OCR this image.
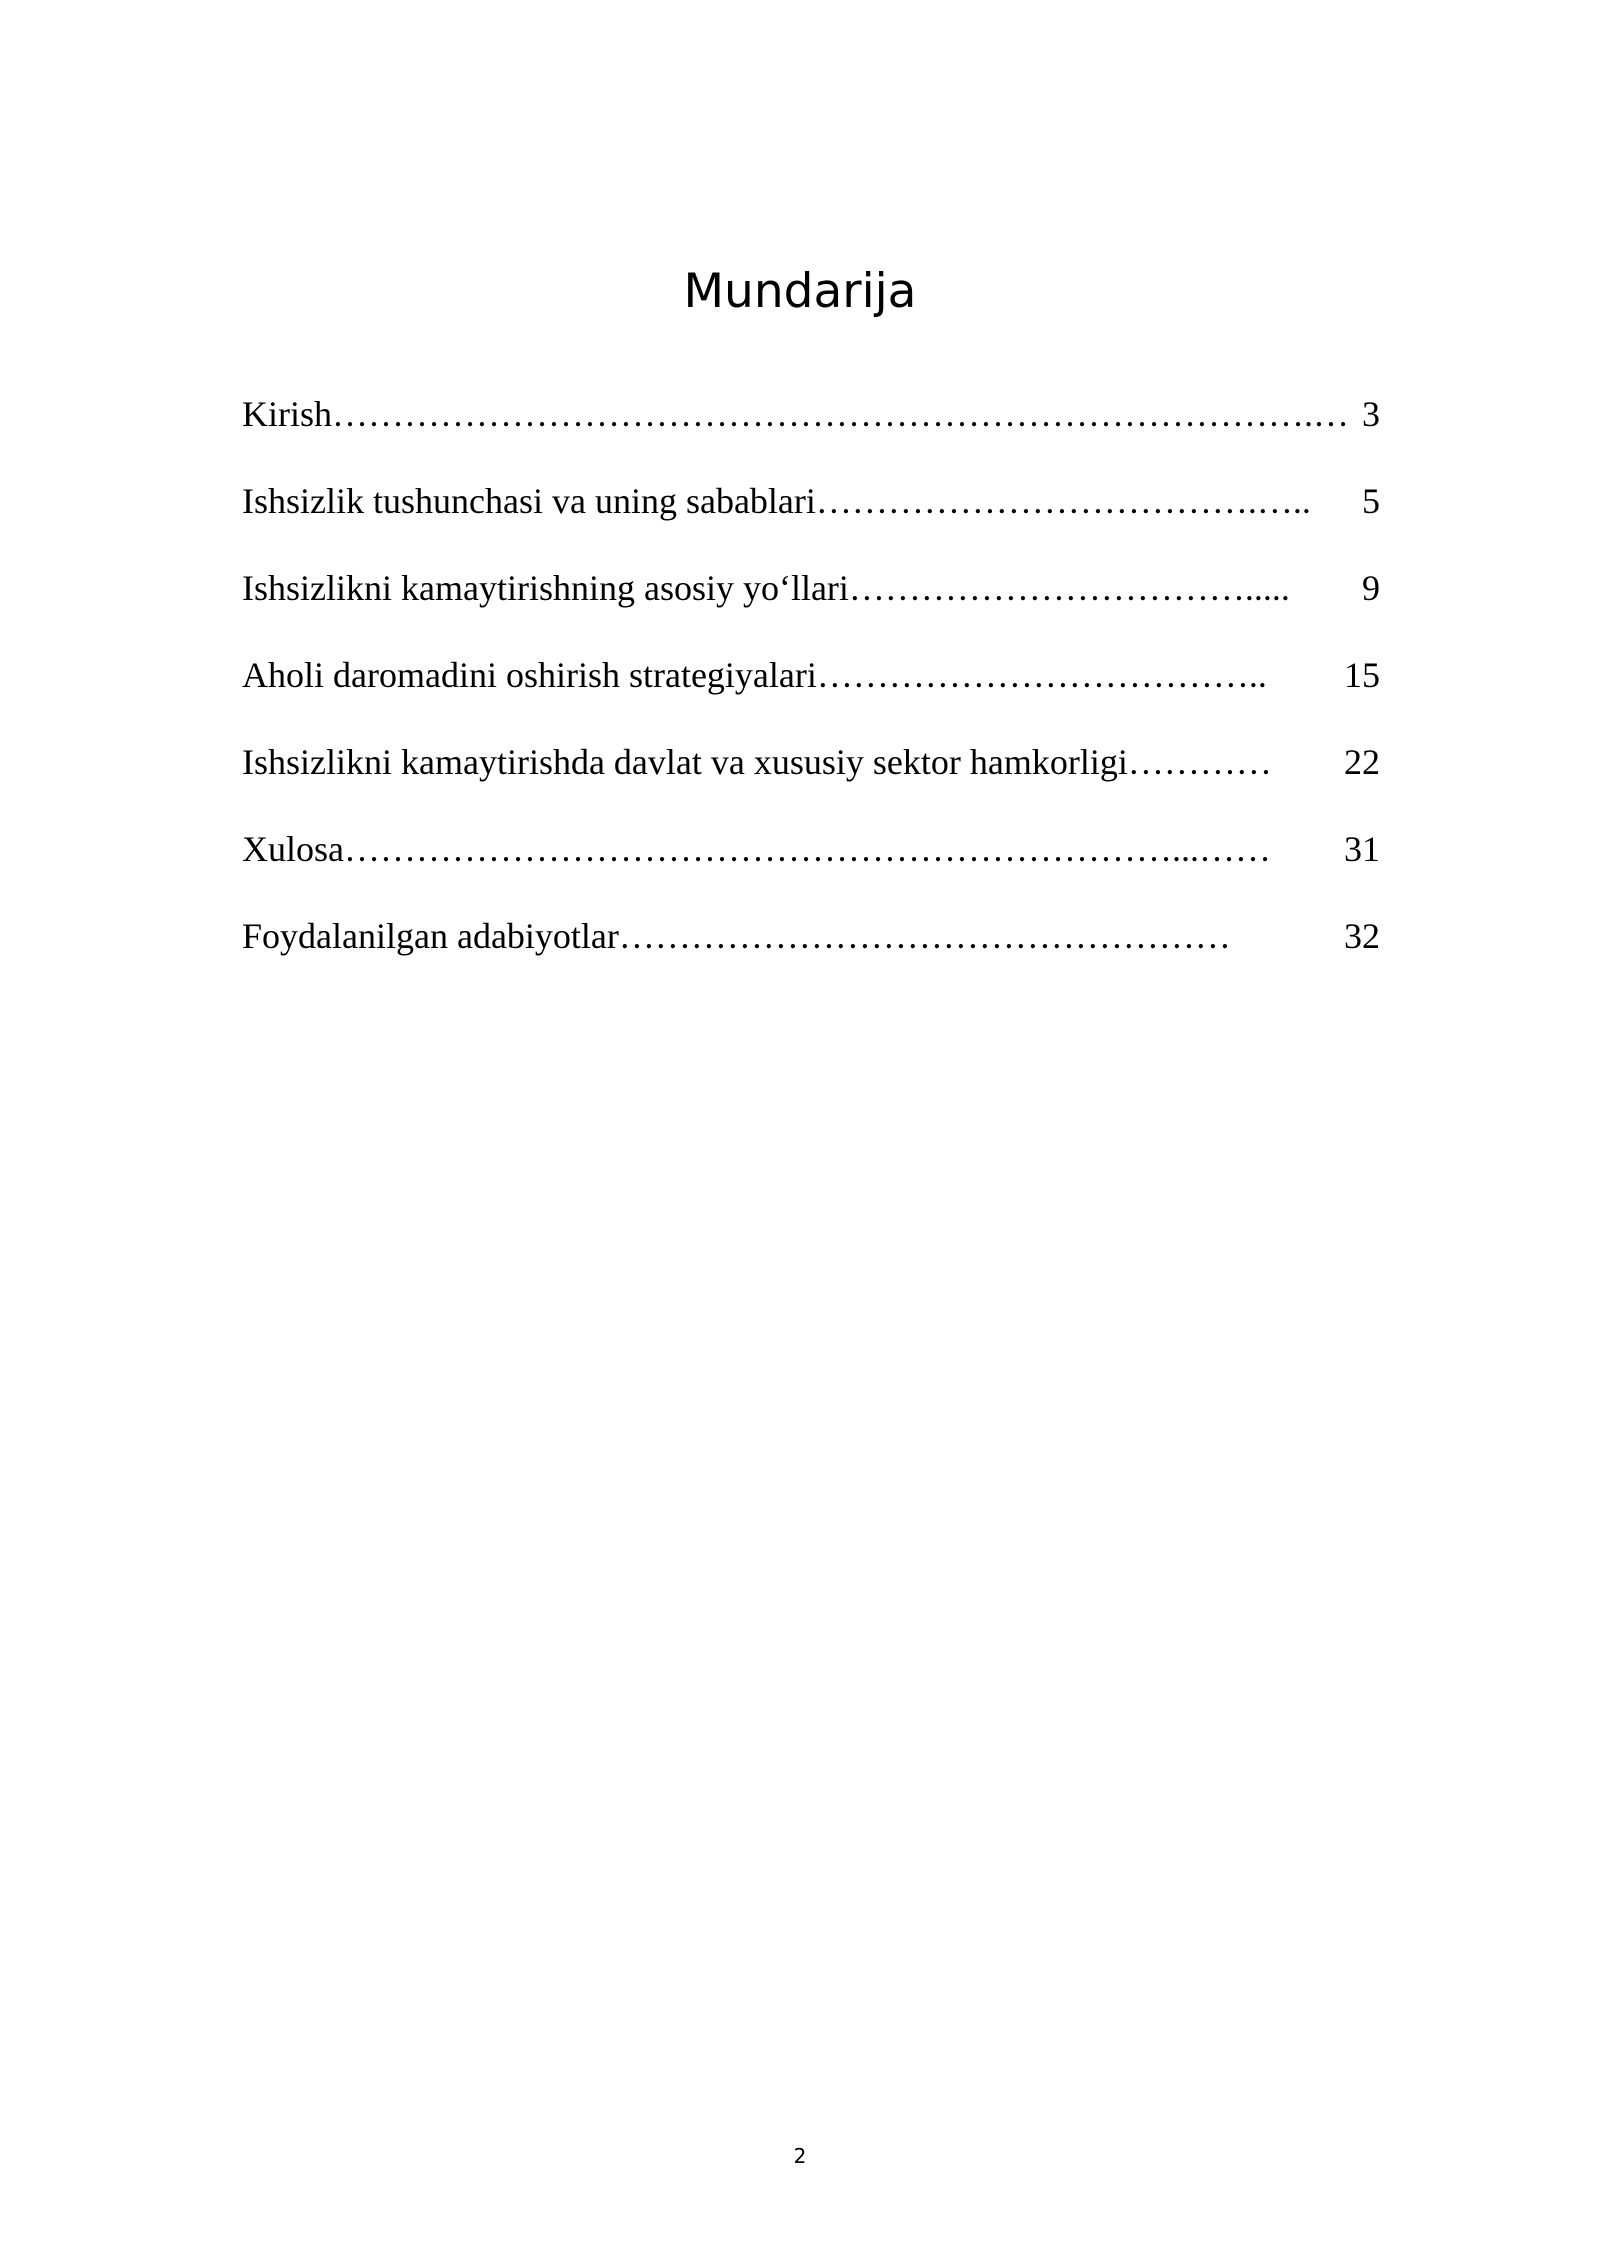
Mundarija
Kirish ……………………………………………………………………….… 3
Ishsizlik tushunchasi va uning sabablari ……………………………….…..	5
Ishsizlikni kamaytirishning asosiy yo‘llari …………………………….....	9
Aholi daromadini oshirish strategiyalari ………………………………..	15
Ishsizlikni kamaytirishda davlat va xususiy sektor hamkorligi …………	22
Xulosa ……………………………………………………………...……	31
Foydalanilgan adabiyotlar ……………………………………………	32
2
